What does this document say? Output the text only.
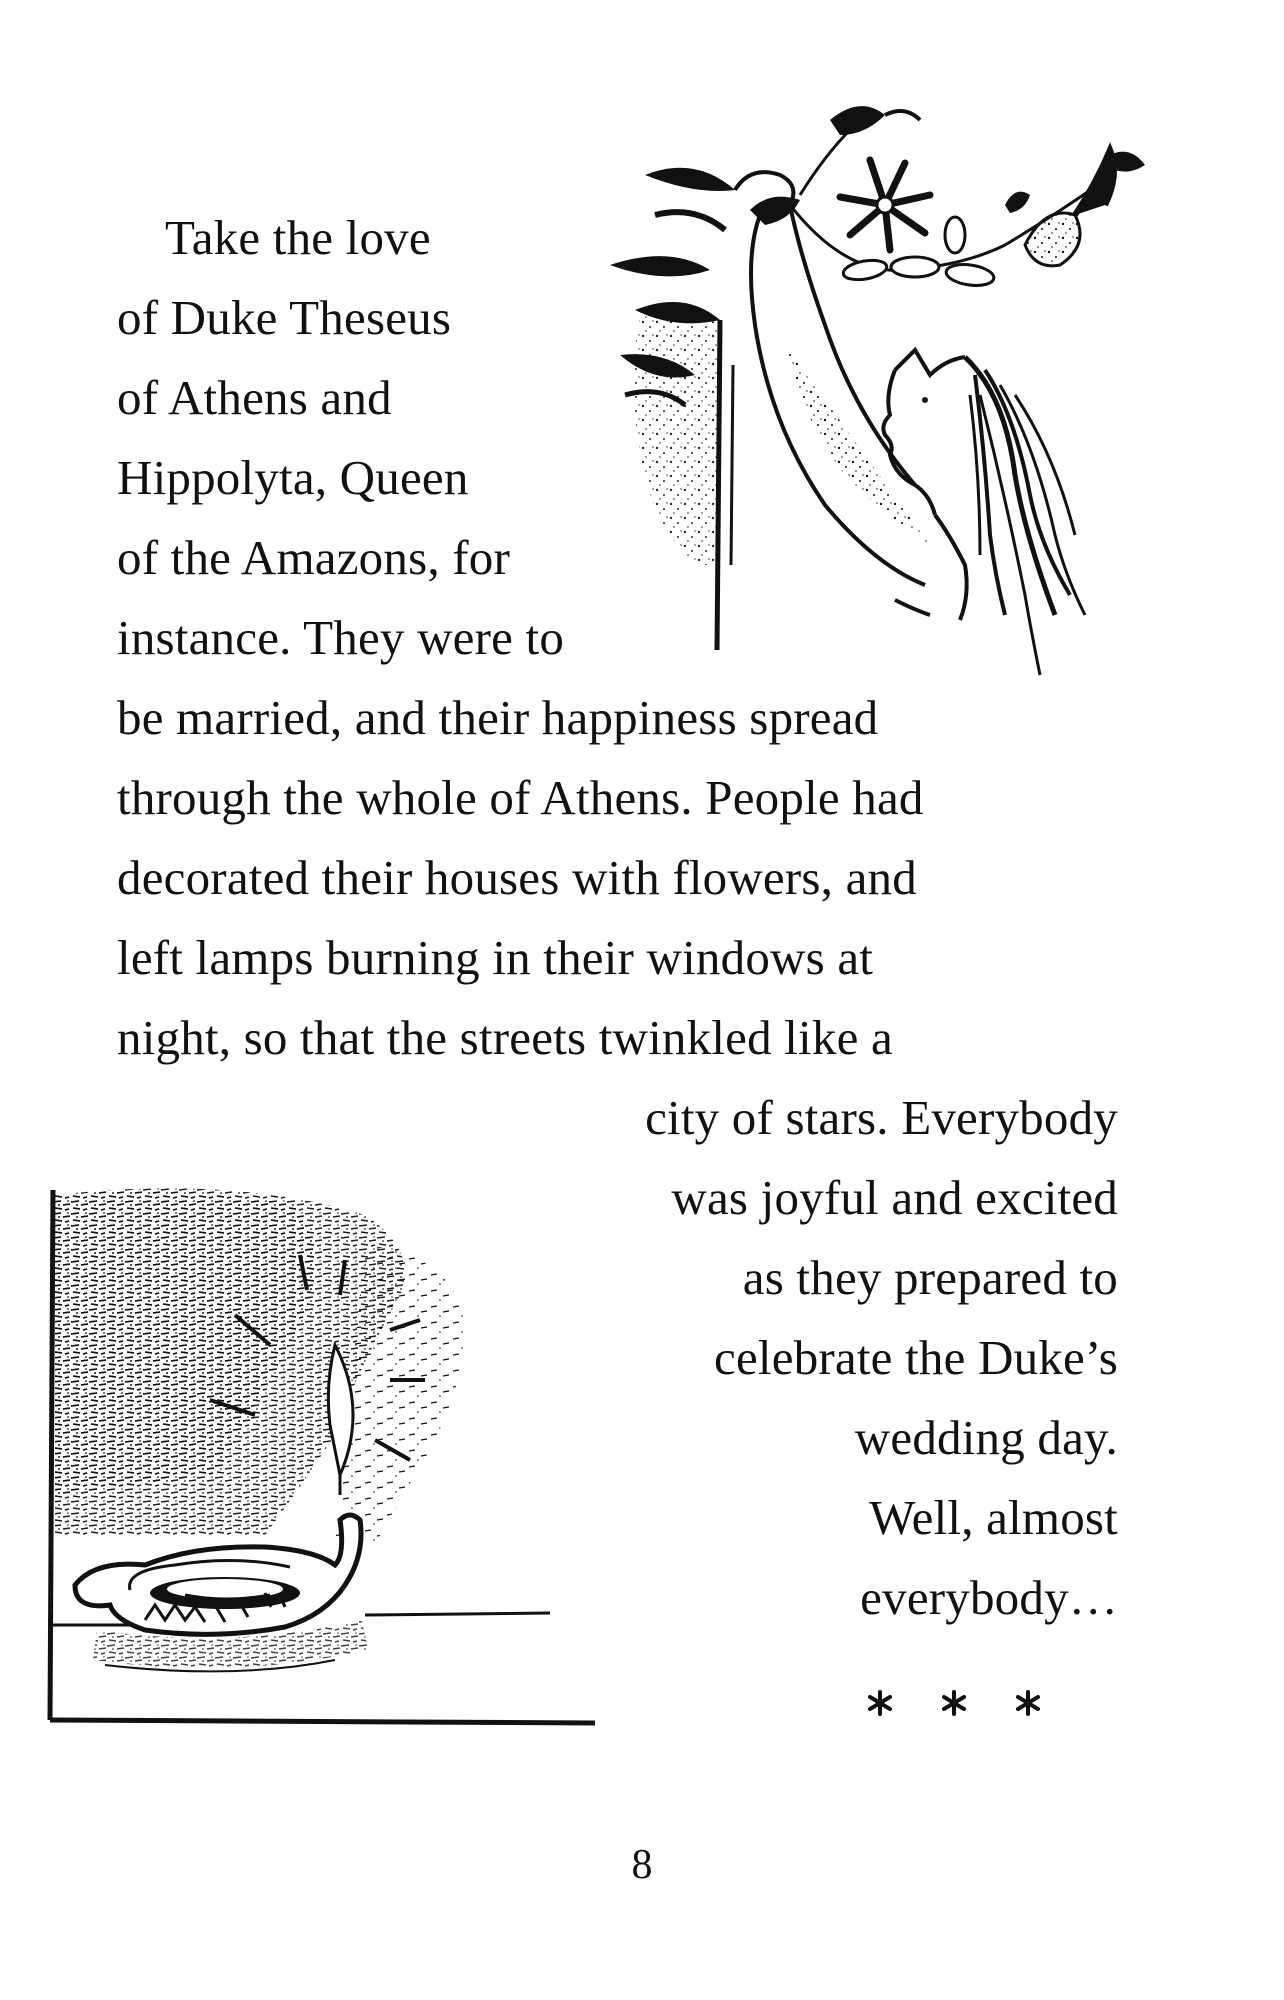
Take the love
of Duke Theseus
of Athens and
Hippolyta, Queen
of the Amazons, for
instance. They were to
be married, and their happiness spread
through the whole of Athens. People had
decorated their houses with flowers, and
left lamps burning in their windows at
night, so that the streets twinkled like a
city of stars. Everybody
was joyful and excited
as they prepared to
celebrate the Duke’s
wedding day.
Well, almost
everybody…
8
